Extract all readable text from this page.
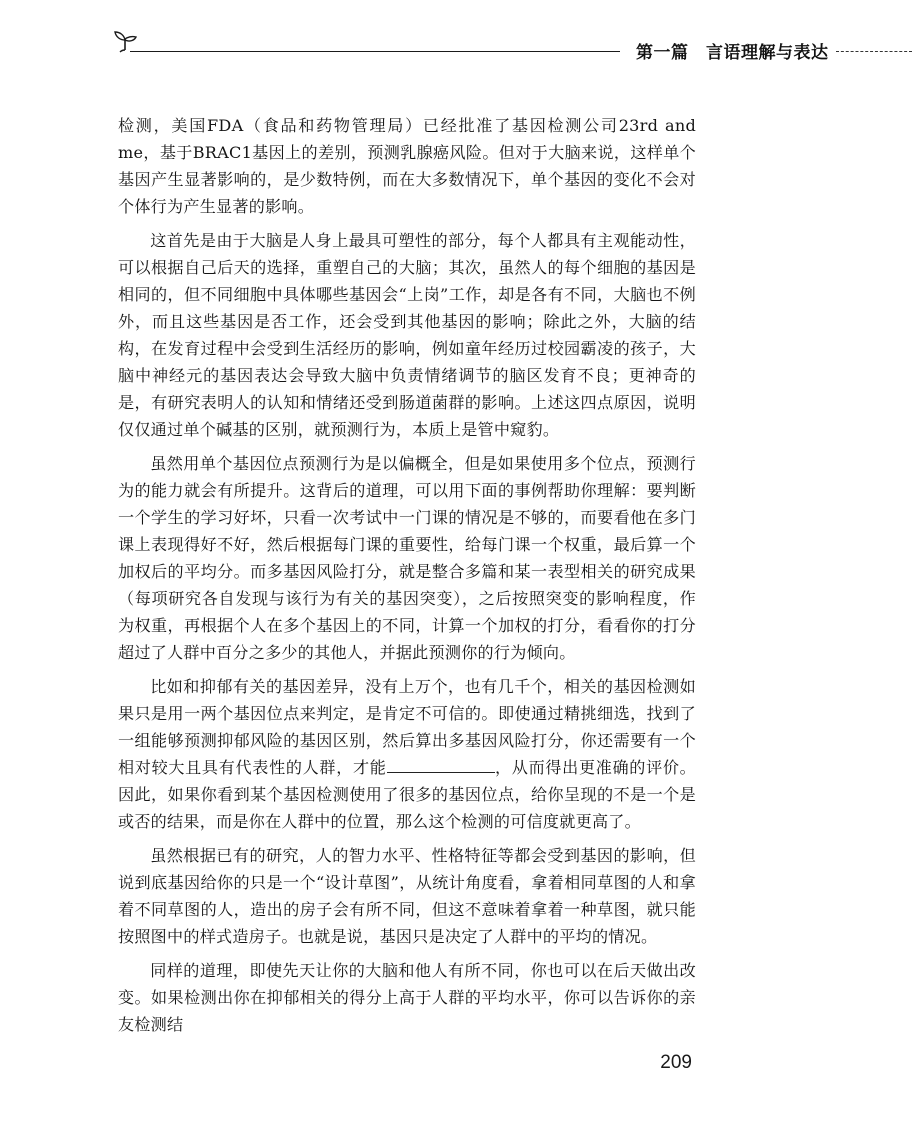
第一篇　言语理解与表达

检测，美国FDA（食品和药物管理局）已经批准了基因检测公司23rd and me，基于BRAC1基因上的差别，预测乳腺癌风险。但对于大脑来说，这样单个基因产生显著影响的，是少数特例，而在大多数情况下，单个基因的变化不会对个体行为产生显著的影响。

这首先是由于大脑是人身上最具可塑性的部分，每个人都具有主观能动性，可以根据自己后天的选择，重塑自己的大脑；其次，虽然人的每个细胞的基因是相同的，但不同细胞中具体哪些基因会“上岗”工作，却是各有不同，大脑也不例外，而且这些基因是否工作，还会受到其他基因的影响；除此之外，大脑的结构，在发育过程中会受到生活经历的影响，例如童年经历过校园霸凌的孩子，大脑中神经元的基因表达会导致大脑中负责情绪调节的脑区发育不良；更神奇的是，有研究表明人的认知和情绪还受到肠道菌群的影响。上述这四点原因，说明仅仅通过单个碱基的区别，就预测行为，本质上是管中窥豹。

虽然用单个基因位点预测行为是以偏概全，但是如果使用多个位点，预测行为的能力就会有所提升。这背后的道理，可以用下面的事例帮助你理解：要判断一个学生的学习好坏，只看一次考试中一门课的情况是不够的，而要看他在多门课上表现得好不好，然后根据每门课的重要性，给每门课一个权重，最后算一个加权后的平均分。而多基因风险打分，就是整合多篇和某一表型相关的研究成果（每项研究各自发现与该行为有关的基因突变），之后按照突变的影响程度，作为权重，再根据个人在多个基因上的不同，计算一个加权的打分，看看你的打分超过了人群中百分之多少的其他人，并据此预测你的行为倾向。

比如和抑郁有关的基因差异，没有上万个，也有几千个，相关的基因检测如果只是用一两个基因位点来判定，是肯定不可信的。即使通过精挑细选，找到了一组能够预测抑郁风险的基因区别，然后算出多基因风险打分，你还需要有一个相对较大且具有代表性的人群，才能	，从而得出更准确的评价。因此，如果你看到某个基因检测使用了很多的基因位点，给你呈现的不是一个是或否的结果，而是你在人群中的位置，那么这个检测的可信度就更高了。

虽然根据已有的研究，人的智力水平、性格特征等都会受到基因的影响，但说到底基因给你的只是一个“设计草图”，从统计角度看，拿着相同草图的人和拿着不同草图的人，造出的房子会有所不同，但这不意味着拿着一种草图，就只能按照图中的样式造房子。也就是说，基因只是决定了人群中的平均的情况。

同样的道理，即使先天让你的大脑和他人有所不同，你也可以在后天做出改变。如果检测出你在抑郁相关的得分上高于人群的平均水平，你可以告诉你的亲友检测结

209
